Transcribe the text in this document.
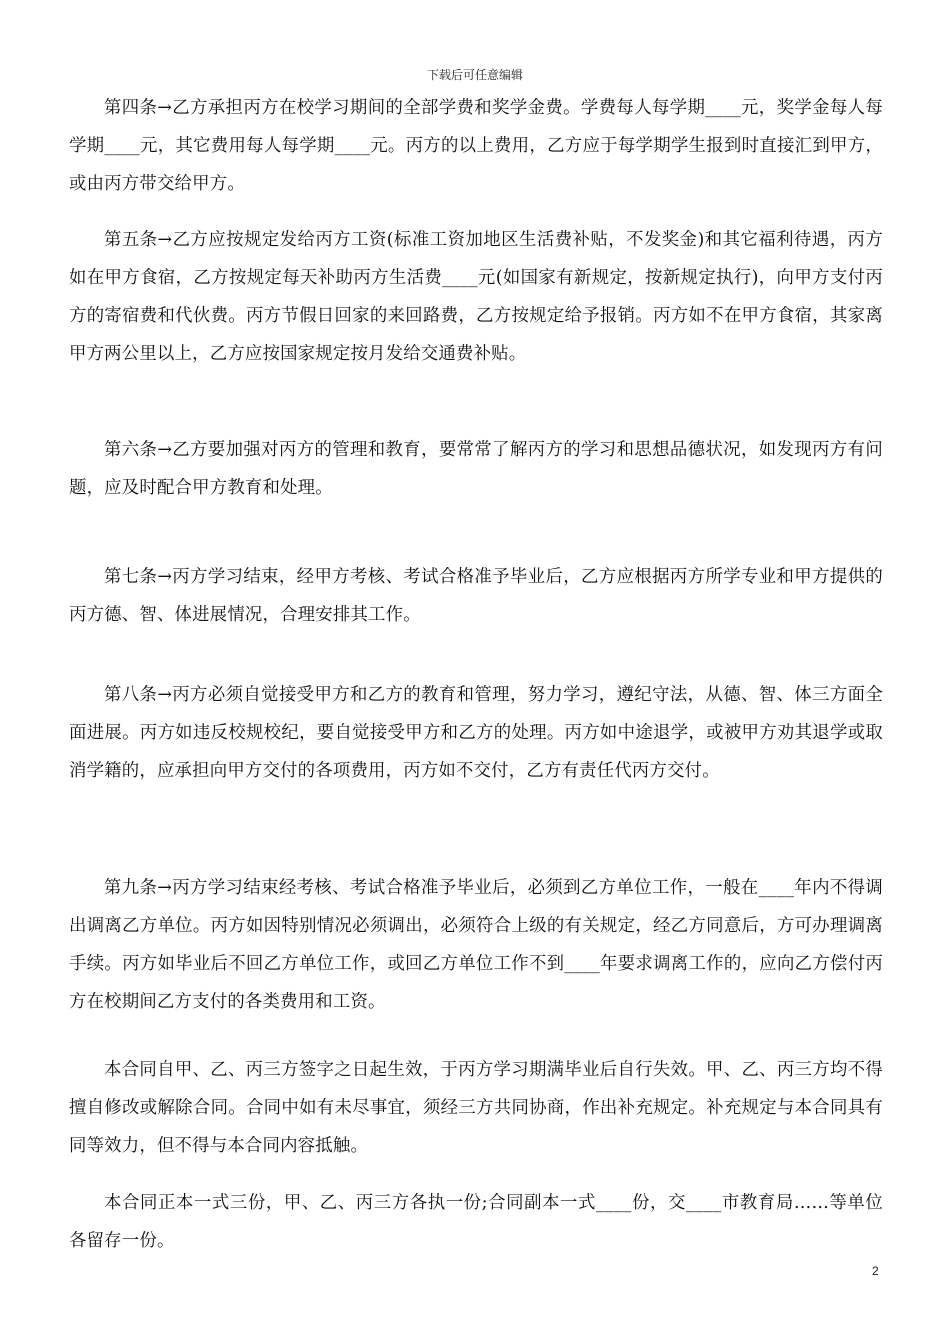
下载后可任意编辑

第四条→乙方承担丙方在校学习期间的全部学费和奖学金费。学费每人每学期____元，奖学金每人每学期____元，其它费用每人每学期____元。丙方的以上费用，乙方应于每学期学生报到时直接汇到甲方，或由丙方带交给甲方。

第五条→乙方应按规定发给丙方工资(标准工资加地区生活费补贴，不发奖金)和其它福利待遇，丙方如在甲方食宿，乙方按规定每天补助丙方生活费____元(如国家有新规定，按新规定执行)，向甲方支付丙方的寄宿费和代伙费。丙方节假日回家的来回路费，乙方按规定给予报销。丙方如不在甲方食宿，其家离甲方两公里以上，乙方应按国家规定按月发给交通费补贴。

第六条→乙方要加强对丙方的管理和教育，要常常了解丙方的学习和思想品德状况，如发现丙方有问题，应及时配合甲方教育和处理。

第七条→丙方学习结束，经甲方考核、考试合格准予毕业后，乙方应根据丙方所学专业和甲方提供的丙方德、智、体进展情况，合理安排其工作。

第八条→丙方必须自觉接受甲方和乙方的教育和管理，努力学习，遵纪守法，从德、智、体三方面全面进展。丙方如违反校规校纪，要自觉接受甲方和乙方的处理。丙方如中途退学，或被甲方劝其退学或取消学籍的，应承担向甲方交付的各项费用，丙方如不交付，乙方有责任代丙方交付。

第九条→丙方学习结束经考核、考试合格准予毕业后，必须到乙方单位工作，一般在____年内不得调出调离乙方单位。丙方如因特别情况必须调出，必须符合上级的有关规定，经乙方同意后，方可办理调离手续。丙方如毕业后不回乙方单位工作，或回乙方单位工作不到____年要求调离工作的，应向乙方偿付丙方在校期间乙方支付的各类费用和工资。

本合同自甲、乙、丙三方签字之日起生效，于丙方学习期满毕业后自行失效。甲、乙、丙三方均不得擅自修改或解除合同。合同中如有未尽事宜，须经三方共同协商，作出补充规定。补充规定与本合同具有同等效力，但不得与本合同内容抵触。

本合同正本一式三份，甲、乙、丙三方各执一份;合同副本一式____份，交____市教育局……等单位各留存一份。

2
